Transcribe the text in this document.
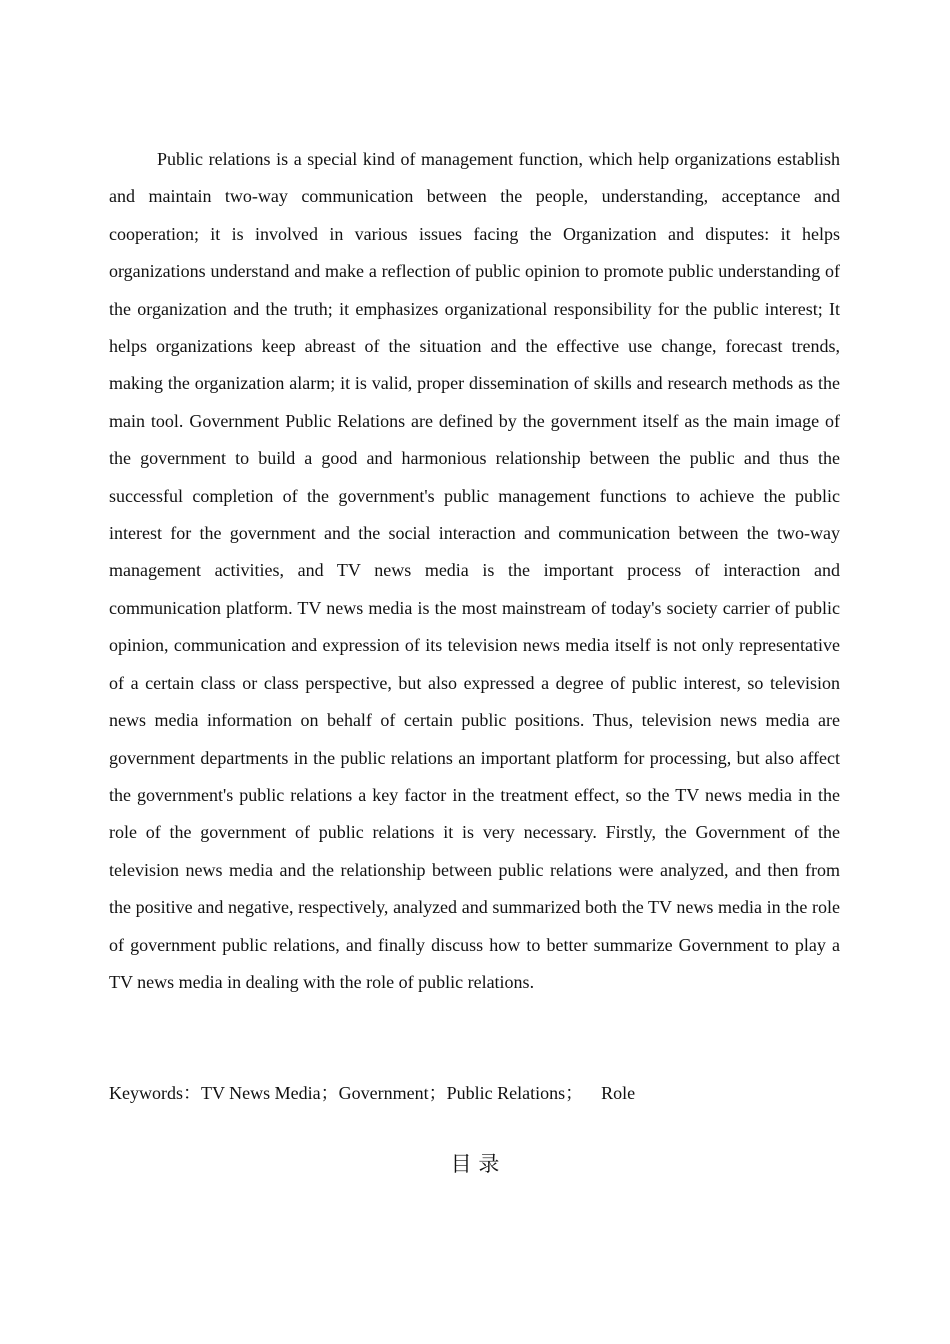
Public relations is a special kind of management function, which help organizations establish and maintain two-way communication between the people, understanding, acceptance and cooperation; it is involved in various issues facing the Organization and disputes: it helps organizations understand and make a reflection of public opinion to promote public understanding of the organization and the truth; it emphasizes organizational responsibility for the public interest; It helps organizations keep abreast of the situation and the effective use change, forecast trends, making the organization alarm; it is valid, proper dissemination of skills and research methods as the main tool. Government Public Relations are defined by the government itself as the main image of the government to build a good and harmonious relationship between the public and thus the successful completion of the government's public management functions to achieve the public interest for the government and the social interaction and communication between the two-way management activities, and TV news media is the important process of interaction and communication platform. TV news media is the most mainstream of today's society carrier of public opinion, communication and expression of its television news media itself is not only representative of a certain class or class perspective, but also expressed a degree of public interest, so television news media information on behalf of certain public positions. Thus, television news media are government departments in the public relations an important platform for processing, but also affect the government's public relations a key factor in the treatment effect, so the TV news media in the role of the government of public relations it is very necessary. Firstly, the Government of the television news media and the relationship between public relations were analyzed, and then from the positive and negative, respectively, analyzed and summarized both the TV news media in the role of government public relations, and finally discuss how to better summarize Government to play a TV news media in dealing with the role of public relations.

Keywords：TV News Media；Government；Public Relations；    Role

目 录
